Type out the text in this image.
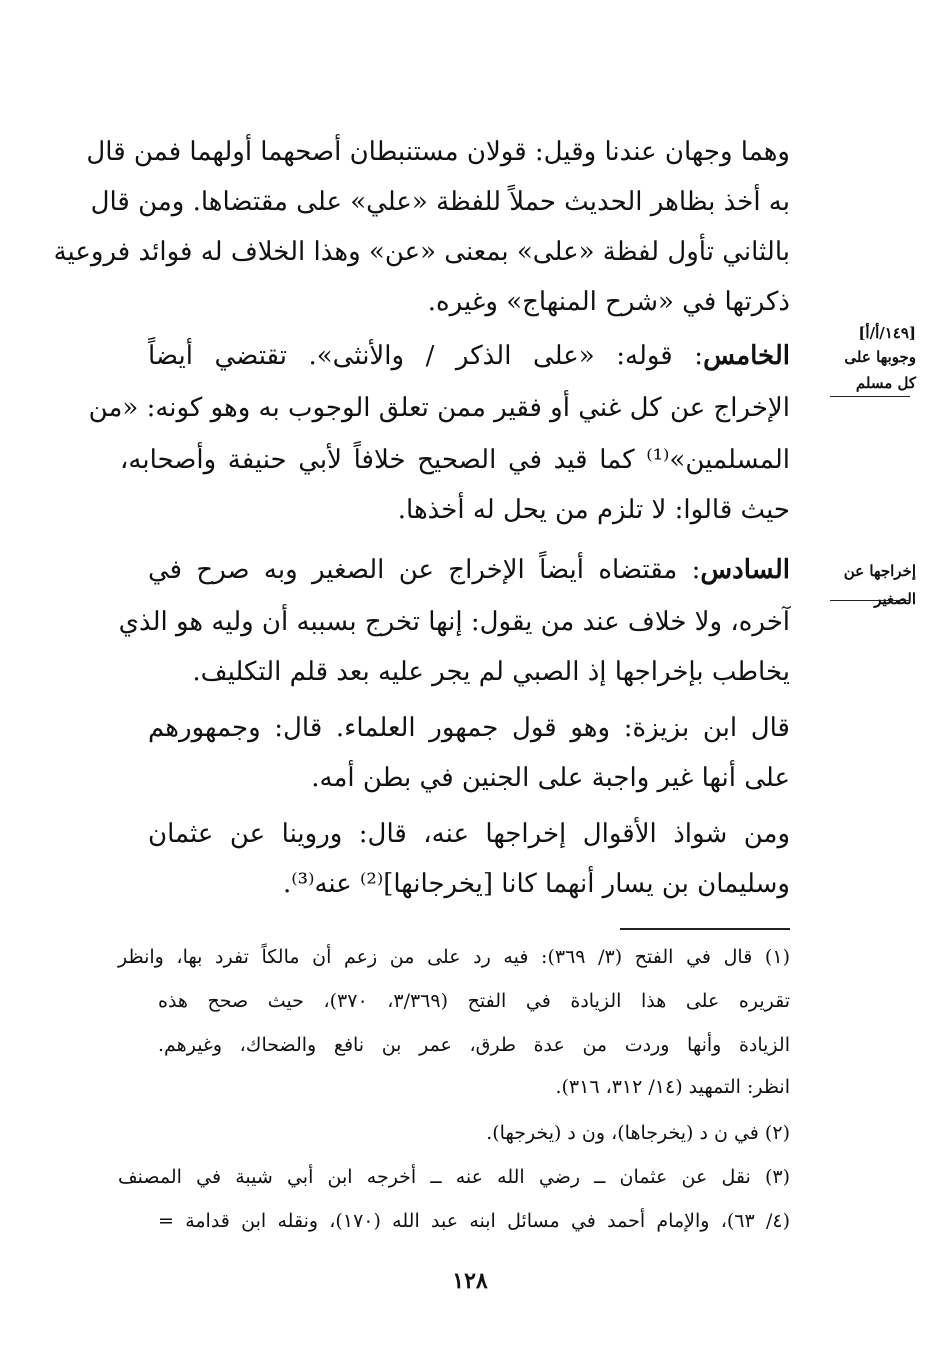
وهما وجهان عندنا وقيل: قولان مستنبطان أصحهما أولهما فمن قال
به أخذ بظاهر الحديث حملاً للفظة «علي» على مقتضاها. ومن قال
بالثاني تأول لفظة «على» بمعنى «عن» وهذا الخلاف له فوائد فروعية
ذكرتها في «شرح المنهاج» وغيره.
الخامس: قوله: «على الذكر / والأنثى». تقتضي أيضاً
الإخراج عن كل غني أو فقير ممن تعلق الوجوب به وهو كونه: «من
المسلمين»⁽¹⁾ كما قيد في الصحيح خلافاً لأبي حنيفة وأصحابه،
حيث قالوا: لا تلزم من يحل له أخذها.
السادس: مقتضاه أيضاً الإخراج عن الصغير وبه صرح في
آخره، ولا خلاف عند من يقول: إنها تخرج بسببه أن وليه هو الذي
يخاطب بإخراجها إذ الصبي لم يجر عليه بعد قلم التكليف.
قال ابن بزيزة: وهو قول جمهور العلماء. قال: وجمهورهم
على أنها غير واجبة على الجنين في بطن أمه.
ومن شواذ الأقوال إخراجها عنه، قال: وروينا عن عثمان
وسليمان بن يسار أنهما كانا [يخرجانها]⁽²⁾ عنه⁽³⁾.
[١٤٩/أ/أ]
وجوبها على
كل مسلم
إخراجها عن
الصغير
(١) قال في الفتح (٣/ ٣٦٩): فيه رد على من زعم أن مالكاً تفرد بها، وانظر
تقريره على هذا الزيادة في الفتح (٣/٣٦٩، ٣٧٠)، حيث صحح هذه
الزيادة وأنها وردت من عدة طرق، عمر بن نافع والضحاك، وغيرهم.
انظر: التمهيد (١٤/ ٣١٢، ٣١٦).
(٢) في ن د (يخرجاها)، ون د (يخرجها).
(٣) نقل عن عثمان ــ رضي الله عنه ــ أخرجه ابن أبي شيبة في المصنف
(٤/ ٦٣)، والإمام أحمد في مسائل ابنه عبد الله (١٧٠)، ونقله ابن قدامة =
١٢٨
